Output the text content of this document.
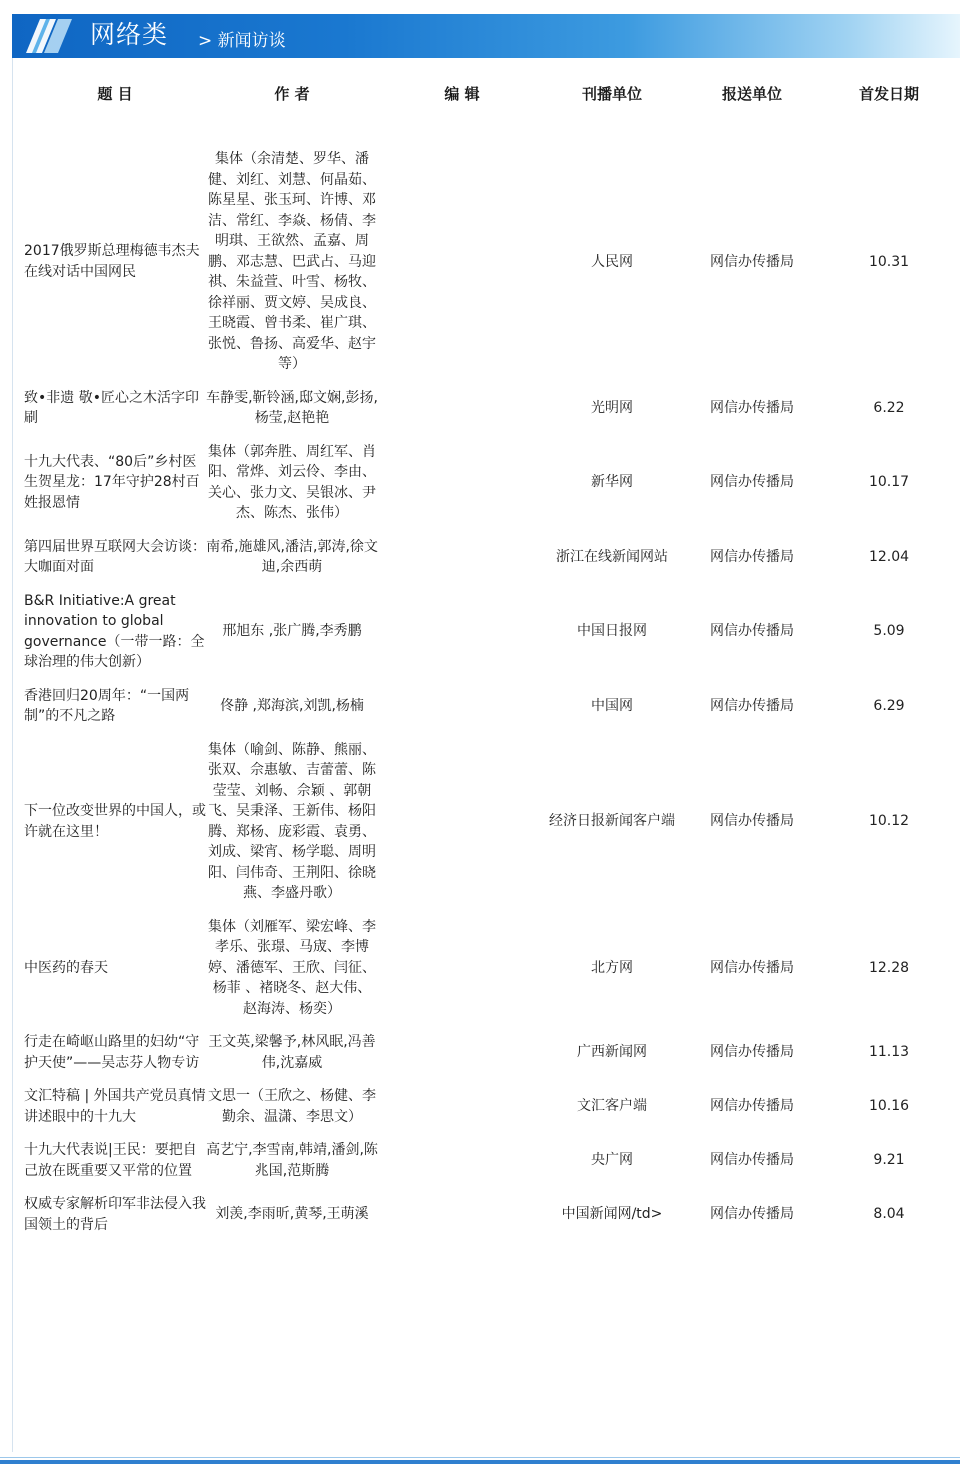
网络类 > 新闻访谈
题 目	作 者	编 辑	刊播单位	报送单位	首发日期

2017俄罗斯总理梅德韦杰夫在线对话中国网民	集体（余清楚、罗华、潘健、刘红、刘慧、何晶茹、陈星星、张玉珂、许博、邓洁、常红、李焱、杨倩、李明琪、王欲然、孟嘉、周鹏、邓志慧、巴武占、马迎祺、朱益萱、叶雪、杨牧、徐祥丽、贾文婷、吴成良、王晓霞、曾书柔、崔广琪、张悦、鲁扬、高爱华、赵宇等）		人民网	网信办传播局	10.31
致•非遗 敬•匠心之木活字印刷	车静雯,靳铃涵,邸文娴,彭扬,杨莹,赵艳艳		光明网	网信办传播局	6.22
十九大代表、“80后”乡村医生贺星龙：17年守护28村百姓报恩情	集体（郭奔胜、周红军、肖阳、常烨、刘云伶、李由、关心、张力文、吴银冰、尹杰、陈杰、张伟）		新华网	网信办传播局	10.17
第四届世界互联网大会访谈：大咖面对面	南希,施雄风,潘洁,郭涛,徐文迪,余西萌		浙江在线新闻网站	网信办传播局	12.04
B&R Initiative:A great innovation to global governance（一带一路：全球治理的伟大创新）	邢旭东 ,张广腾,李秀鹏		中国日报网	网信办传播局	5.09
香港回归20周年：“一国两制”的不凡之路	佟静 ,郑海滨,刘凯,杨楠		中国网	网信办传播局	6.29
下一位改变世界的中国人，或许就在这里！	集体（喻剑、陈静、熊丽、张双、佘惠敏、吉蕾蕾、陈莹莹、刘畅、佘颖 、郭朝飞、吴秉泽、王新伟、杨阳腾、郑杨、庞彩霞、袁勇、刘成、梁宵、杨学聪、周明阳、闫伟奇、王荆阳、徐晓燕、李盛丹歌）		经济日报新闻客户端	网信办传播局	10.12
中医药的春天	集体（刘雁军、梁宏峰、李孝乐、张璟、马宬、李博婷、潘德军、王欣、闫征、杨菲 、褚晓冬、赵大伟、赵海涛、杨奕）		北方网	网信办传播局	12.28
行走在崎岖山路里的妇幼“守护天使”——吴志芬人物专访	王文英,梁馨予,林风眠,冯善伟,沈嘉威		广西新闻网	网信办传播局	11.13
文汇特稿 | 外国共产党员真情讲述眼中的十九大	文思一（王欣之、杨健、李勤余、温潇、李思文）		文汇客户端	网信办传播局	10.16
十九大代表说|王民：要把自己放在既重要又平常的位置	高艺宁,李雪南,韩靖,潘剑,陈兆国,范斯腾		央广网	网信办传播局	9.21
权威专家解析印军非法侵入我国领土的背后	刘羡,李雨昕,黄琴,王萌溪		中国新闻网/td>	网信办传播局	8.04
